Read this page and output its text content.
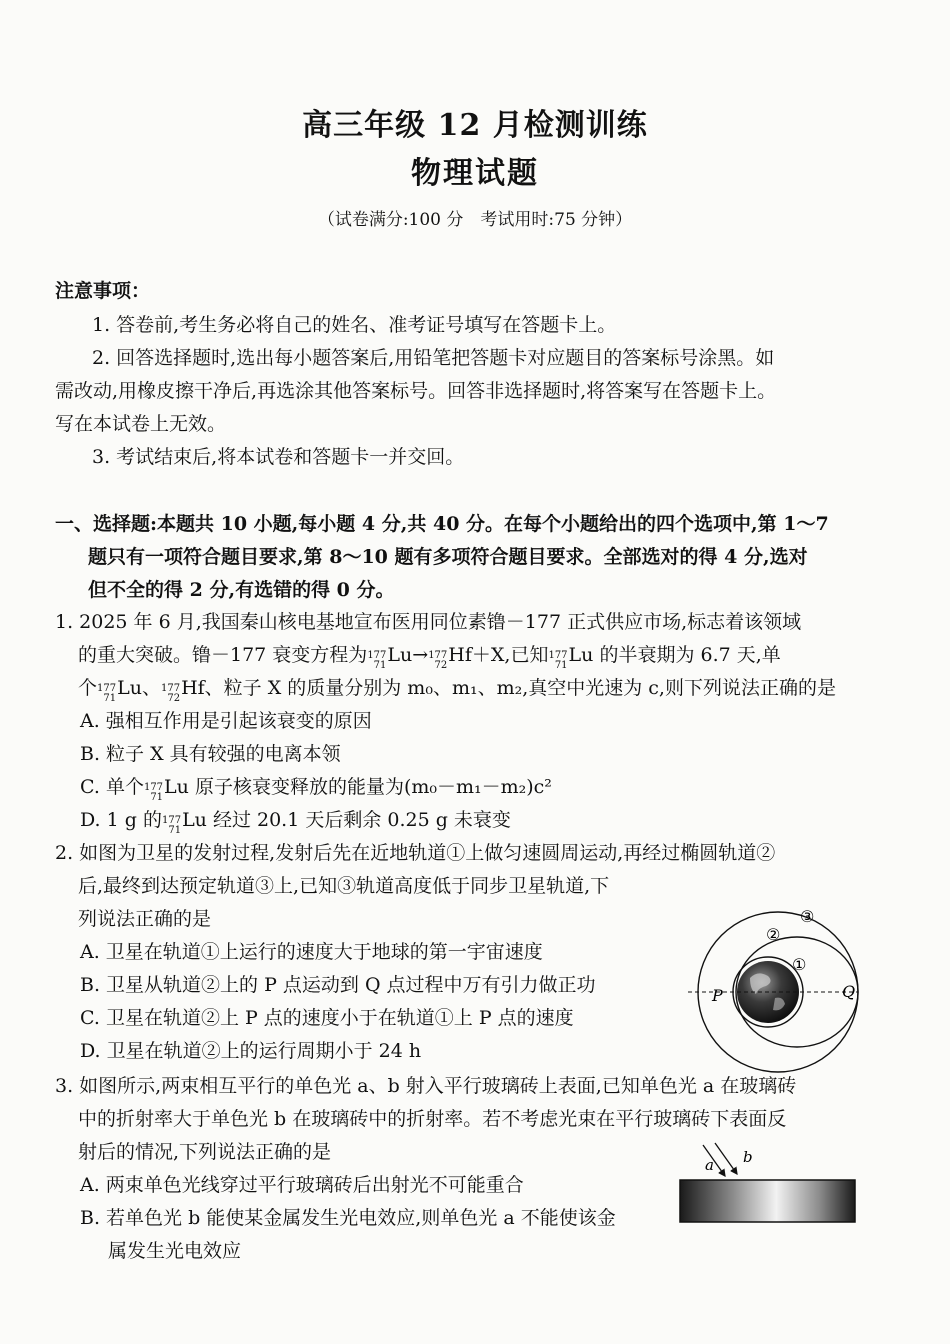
高三年级 12 月检测训练
物理试题
（试卷满分:100 分　考试用时:75 分钟）
注意事项：
1. 答卷前,考生务必将自己的姓名、准考证号填写在答题卡上。
2. 回答选择题时,选出每小题答案后,用铅笔把答题卡对应题目的答案标号涂黑。如
需改动,用橡皮擦干净后,再选涂其他答案标号。回答非选择题时,将答案写在答题卡上。
写在本试卷上无效。
3. 考试结束后,将本试卷和答题卡一并交回。
一、选择题:本题共 10 小题,每小题 4 分,共 40 分。在每个小题给出的四个选项中,第 1～7
题只有一项符合题目要求,第 8～10 题有多项符合题目要求。全部选对的得 4 分,选对
但不全的得 2 分,有选错的得 0 分。
1. 2025 年 6 月,我国秦山核电基地宣布医用同位素镥－177 正式供应市场,标志着该领域
的重大突破。镥－177 衰变方程为 177
71 Lu→ 177
72 Hf＋X,已知 177
71 Lu 的半衰期为 6.7 天,单
个 177
71 Lu、 177
72 Hf、粒子 X 的质量分别为 m₀、m₁、m₂,真空中光速为 c,则下列说法正确的是
A. 强相互作用是引起该衰变的原因
B. 粒子 X 具有较强的电离本领
C. 单个 177
71 Lu 原子核衰变释放的能量为(m₀－m₁－m₂)c²
D. 1 g 的 177
71 Lu 经过 20.1 天后剩余 0.25 g 未衰变
2. 如图为卫星的发射过程,发射后先在近地轨道①上做匀速圆周运动,再经过椭圆轨道②
后,最终到达预定轨道③上,已知③轨道高度低于同步卫星轨道,下
列说法正确的是
A. 卫星在轨道①上运行的速度大于地球的第一宇宙速度
B. 卫星从轨道②上的 P 点运动到 Q 点过程中万有引力做正功
C. 卫星在轨道②上 P 点的速度小于在轨道①上 P 点的速度
D. 卫星在轨道②上的运行周期小于 24 h
P	Q
①
②
③
3. 如图所示,两束相互平行的单色光 a、b 射入平行玻璃砖上表面,已知单色光 a 在玻璃砖
中的折射率大于单色光 b 在玻璃砖中的折射率。若不考虑光束在平行玻璃砖下表面反
射后的情况,下列说法正确的是
A. 两束单色光线穿过平行玻璃砖后出射光不可能重合
B. 若单色光 b 能使某金属发生光电效应,则单色光 a 不能使该金
属发生光电效应
a b
